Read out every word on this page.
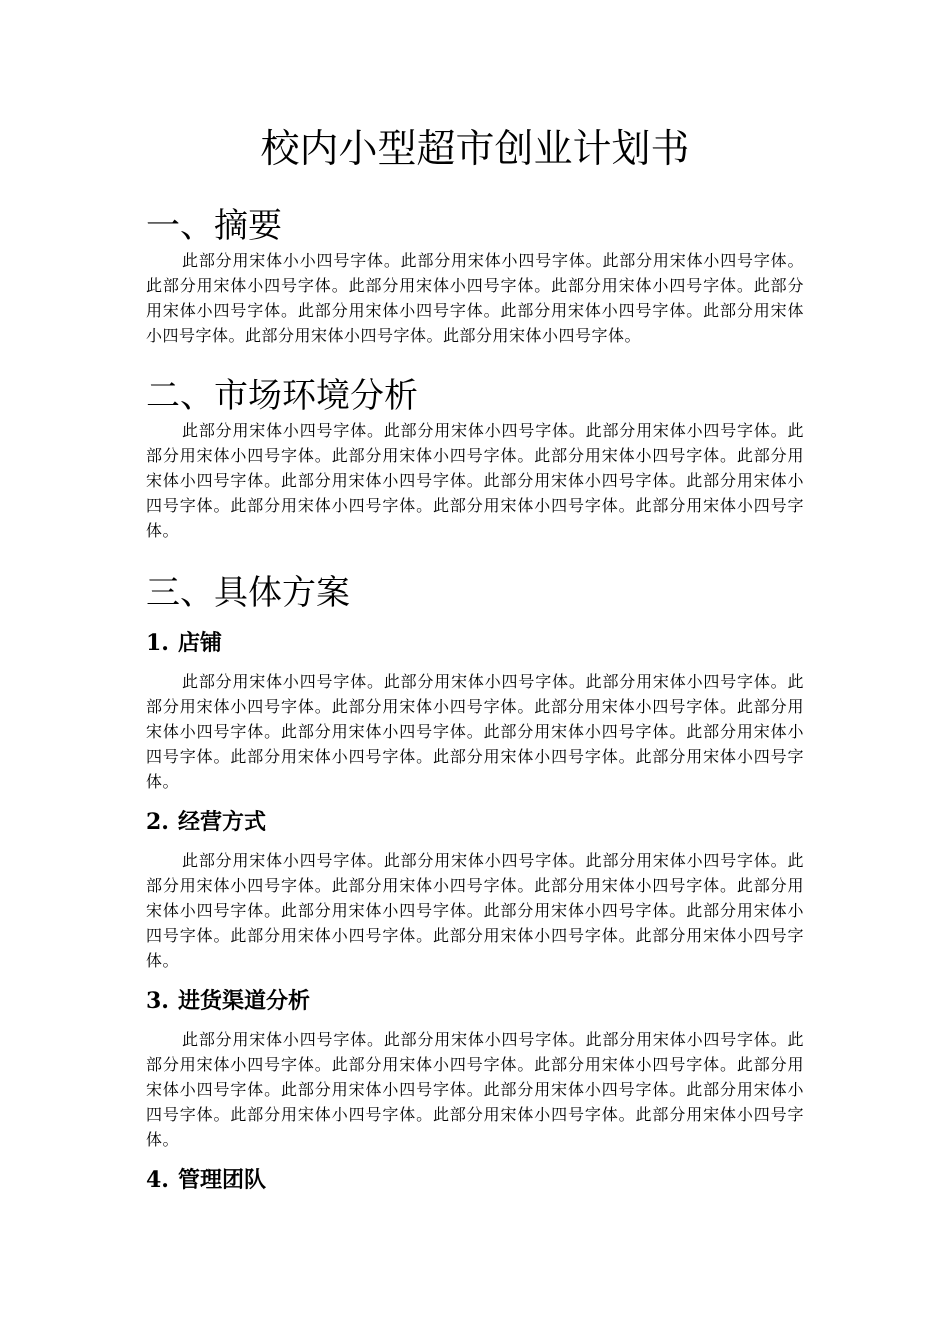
校内小型超市创业计划书
一、摘要

此部分用宋体小小四号字体。此部分用宋体小四号字体。此部分用宋体小四号字体。此部分用宋体小四号字体。此部分用宋体小四号字体。此部分用宋体小四号字体。此部分用宋体小四号字体。此部分用宋体小四号字体。此部分用宋体小四号字体。此部分用宋体小四号字体。此部分用宋体小四号字体。此部分用宋体小四号字体。

二、市场环境分析

此部分用宋体小四号字体。此部分用宋体小四号字体。此部分用宋体小四号字体。此部分用宋体小四号字体。此部分用宋体小四号字体。此部分用宋体小四号字体。此部分用宋体小四号字体。此部分用宋体小四号字体。此部分用宋体小四号字体。此部分用宋体小四号字体。此部分用宋体小四号字体。此部分用宋体小四号字体。此部分用宋体小四号字体。

三、具体方案
1. 店铺

此部分用宋体小四号字体。此部分用宋体小四号字体。此部分用宋体小四号字体。此部分用宋体小四号字体。此部分用宋体小四号字体。此部分用宋体小四号字体。此部分用宋体小四号字体。此部分用宋体小四号字体。此部分用宋体小四号字体。此部分用宋体小四号字体。此部分用宋体小四号字体。此部分用宋体小四号字体。此部分用宋体小四号字体。

2. 经营方式

此部分用宋体小四号字体。此部分用宋体小四号字体。此部分用宋体小四号字体。此部分用宋体小四号字体。此部分用宋体小四号字体。此部分用宋体小四号字体。此部分用宋体小四号字体。此部分用宋体小四号字体。此部分用宋体小四号字体。此部分用宋体小四号字体。此部分用宋体小四号字体。此部分用宋体小四号字体。此部分用宋体小四号字体。

3. 进货渠道分析

此部分用宋体小四号字体。此部分用宋体小四号字体。此部分用宋体小四号字体。此部分用宋体小四号字体。此部分用宋体小四号字体。此部分用宋体小四号字体。此部分用宋体小四号字体。此部分用宋体小四号字体。此部分用宋体小四号字体。此部分用宋体小四号字体。此部分用宋体小四号字体。此部分用宋体小四号字体。此部分用宋体小四号字体。

4. 管理团队
